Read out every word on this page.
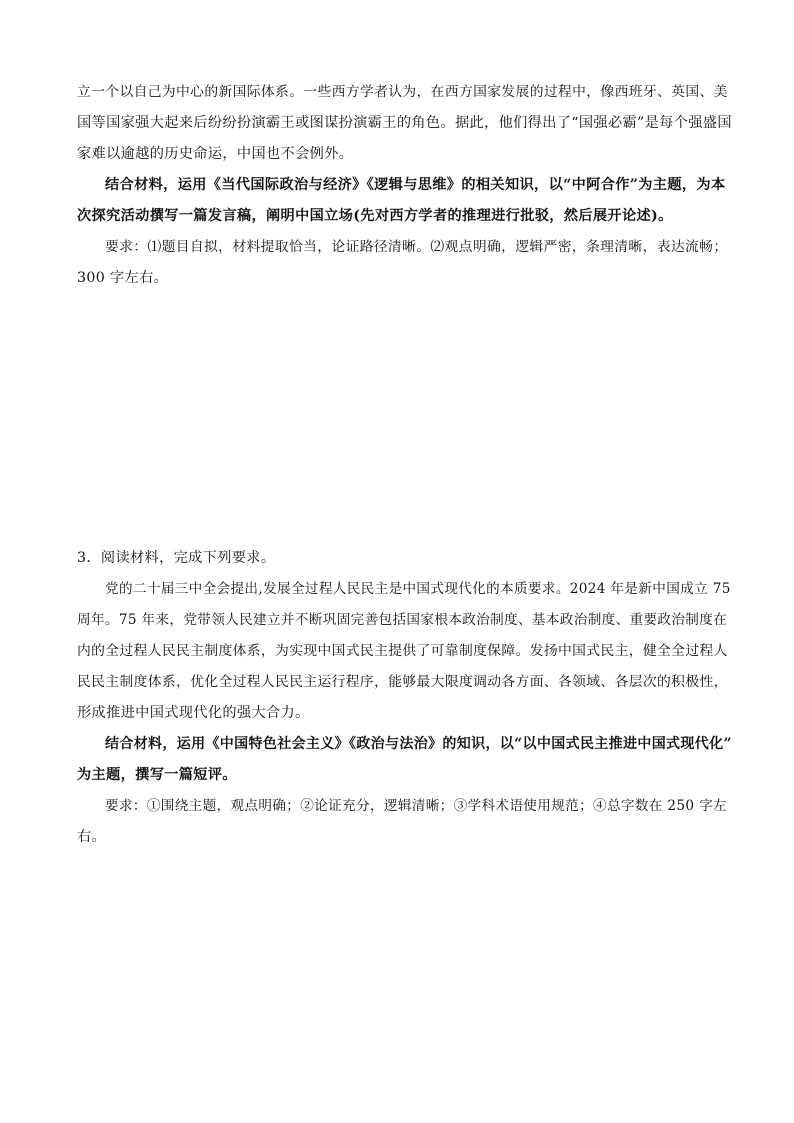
立一个以自己为中心的新国际体系。一些西方学者认为，在西方国家发展的过程中，像西班牙、英国、美
国等国家强大起来后纷纷扮演霸王或图谋扮演霸王的角色。据此，他们得出了“国强必霸”是每个强盛国
家难以逾越的历史命运，中国也不会例外。
结合材料，运用《当代国际政治与经济》《逻辑与思维》的相关知识，以“中阿合作”为主题，为本
次探究活动撰写一篇发言稿，阐明中国立场(先对西方学者的推理进行批驳，然后展开论述)。
要求：⑴题目自拟，材料提取恰当，论证路径清晰。⑵观点明确，逻辑严密，条理清晰，表达流畅；
300 字左右。
3．阅读材料，完成下列要求。
党的二十届三中全会提出,发展全过程人民民主是中国式现代化的本质要求。2024 年是新中国成立 75
周年。75 年来，党带领人民建立并不断巩固完善包括国家根本政治制度、基本政治制度、重要政治制度在
内的全过程人民民主制度体系，为实现中国式民主提供了可靠制度保障。发扬中国式民主，健全全过程人
民民主制度体系，优化全过程人民民主运行程序，能够最大限度调动各方面、各领域、各层次的积极性，
形成推进中国式现代化的强大合力。
结合材料，运用《中国特色社会主义》《政治与法治》的知识，以“以中国式民主推进中国式现代化”
为主题，撰写一篇短评。
要求：①围绕主题，观点明确；②论证充分，逻辑清晰；③学科术语使用规范；④总字数在 250 字左
右。
